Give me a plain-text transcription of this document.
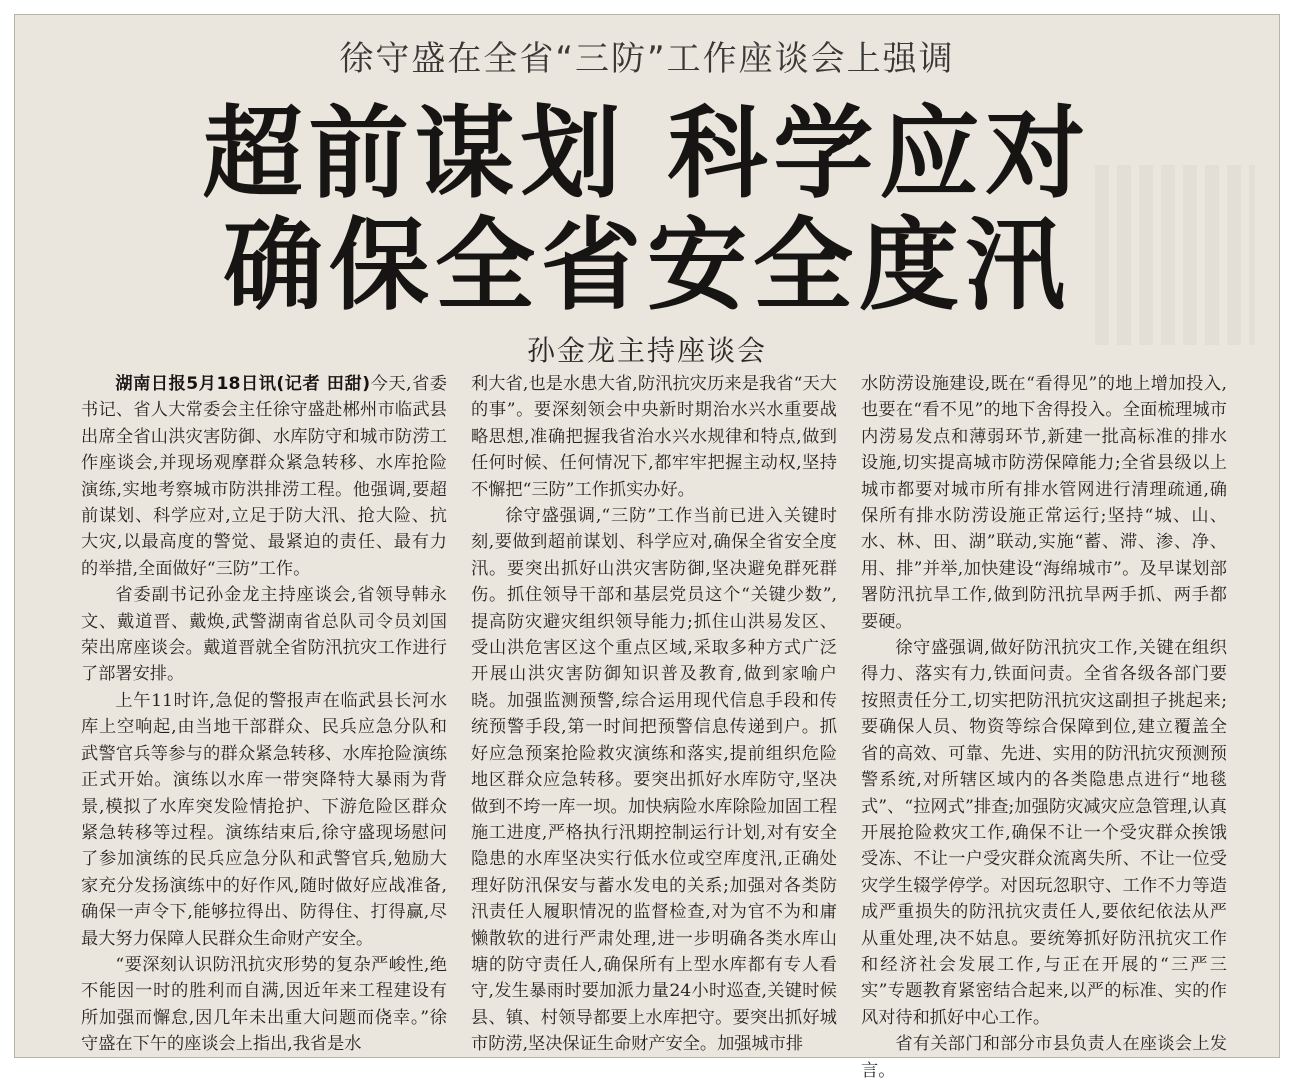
徐守盛在全省“三防”工作座谈会上强调
超前谋划 科学应对
确保全省安全度汛
孙金龙主持座谈会

湖南日报5月18日讯(记者 田甜)今天,省委书记、省人大常委会主任徐守盛赴郴州市临武县出席全省山洪灾害防御、水库防守和城市防涝工作座谈会,并现场观摩群众紧急转移、水库抢险演练,实地考察城市防洪排涝工程。他强调,要超前谋划、科学应对,立足于防大汛、抢大险、抗大灾,以最高度的警觉、最紧迫的责任、最有力的举措,全面做好“三防”工作。

省委副书记孙金龙主持座谈会,省领导韩永文、戴道晋、戴焕,武警湖南省总队司令员刘国荣出席座谈会。戴道晋就全省防汛抗灾工作进行了部署安排。

上午11时许,急促的警报声在临武县长河水库上空响起,由当地干部群众、民兵应急分队和武警官兵等参与的群众紧急转移、水库抢险演练正式开始。演练以水库一带突降特大暴雨为背景,模拟了水库突发险情抢护、下游危险区群众紧急转移等过程。演练结束后,徐守盛现场慰问了参加演练的民兵应急分队和武警官兵,勉励大家充分发扬演练中的好作风,随时做好应战准备,确保一声令下,能够拉得出、防得住、打得赢,尽最大努力保障人民群众生命财产安全。

“要深刻认识防汛抗灾形势的复杂严峻性,绝不能因一时的胜利而自满,因近年来工程建设有所加强而懈怠,因几年未出重大问题而侥幸。”徐守盛在下午的座谈会上指出,我省是水

利大省,也是水患大省,防汛抗灾历来是我省“天大的事”。要深刻领会中央新时期治水兴水重要战略思想,准确把握我省治水兴水规律和特点,做到任何时候、任何情况下,都牢牢把握主动权,坚持不懈把“三防”工作抓实办好。

徐守盛强调,“三防”工作当前已进入关键时刻,要做到超前谋划、科学应对,确保全省安全度汛。要突出抓好山洪灾害防御,坚决避免群死群伤。抓住领导干部和基层党员这个“关键少数”,提高防灾避灾组织领导能力;抓住山洪易发区、受山洪危害区这个重点区域,采取多种方式广泛开展山洪灾害防御知识普及教育,做到家喻户晓。加强监测预警,综合运用现代信息手段和传统预警手段,第一时间把预警信息传递到户。抓好应急预案抢险救灾演练和落实,提前组织危险地区群众应急转移。要突出抓好水库防守,坚决做到不垮一库一坝。加快病险水库除险加固工程施工进度,严格执行汛期控制运行计划,对有安全隐患的水库坚决实行低水位或空库度汛,正确处理好防汛保安与蓄水发电的关系;加强对各类防汛责任人履职情况的监督检查,对为官不为和庸懒散软的进行严肃处理,进一步明确各类水库山塘的防守责任人,确保所有上型水库都有专人看守,发生暴雨时要加派力量24小时巡查,关键时候县、镇、村领导都要上水库把守。要突出抓好城市防涝,坚决保证生命财产安全。加强城市排

水防涝设施建设,既在“看得见”的地上增加投入,也要在“看不见”的地下舍得投入。全面梳理城市内涝易发点和薄弱环节,新建一批高标准的排水设施,切实提高城市防涝保障能力;全省县级以上城市都要对城市所有排水管网进行清理疏通,确保所有排水防涝设施正常运行;坚持“城、山、水、林、田、湖”联动,实施“蓄、滞、渗、净、用、排”并举,加快建设“海绵城市”。及早谋划部署防汛抗旱工作,做到防汛抗旱两手抓、两手都要硬。

徐守盛强调,做好防汛抗灾工作,关键在组织得力、落实有力,铁面问责。全省各级各部门要按照责任分工,切实把防汛抗灾这副担子挑起来;要确保人员、物资等综合保障到位,建立覆盖全省的高效、可靠、先进、实用的防汛抗灾预测预警系统,对所辖区域内的各类隐患点进行“地毯式”、“拉网式”排查;加强防灾减灾应急管理,认真开展抢险救灾工作,确保不让一个受灾群众挨饿受冻、不让一户受灾群众流离失所、不让一位受灾学生辍学停学。对因玩忽职守、工作不力等造成严重损失的防汛抗灾责任人,要依纪依法从严从重处理,决不姑息。要统筹抓好防汛抗灾工作和经济社会发展工作,与正在开展的“三严三实”专题教育紧密结合起来,以严的标准、实的作风对待和抓好中心工作。

省有关部门和部分市县负责人在座谈会上发言。
